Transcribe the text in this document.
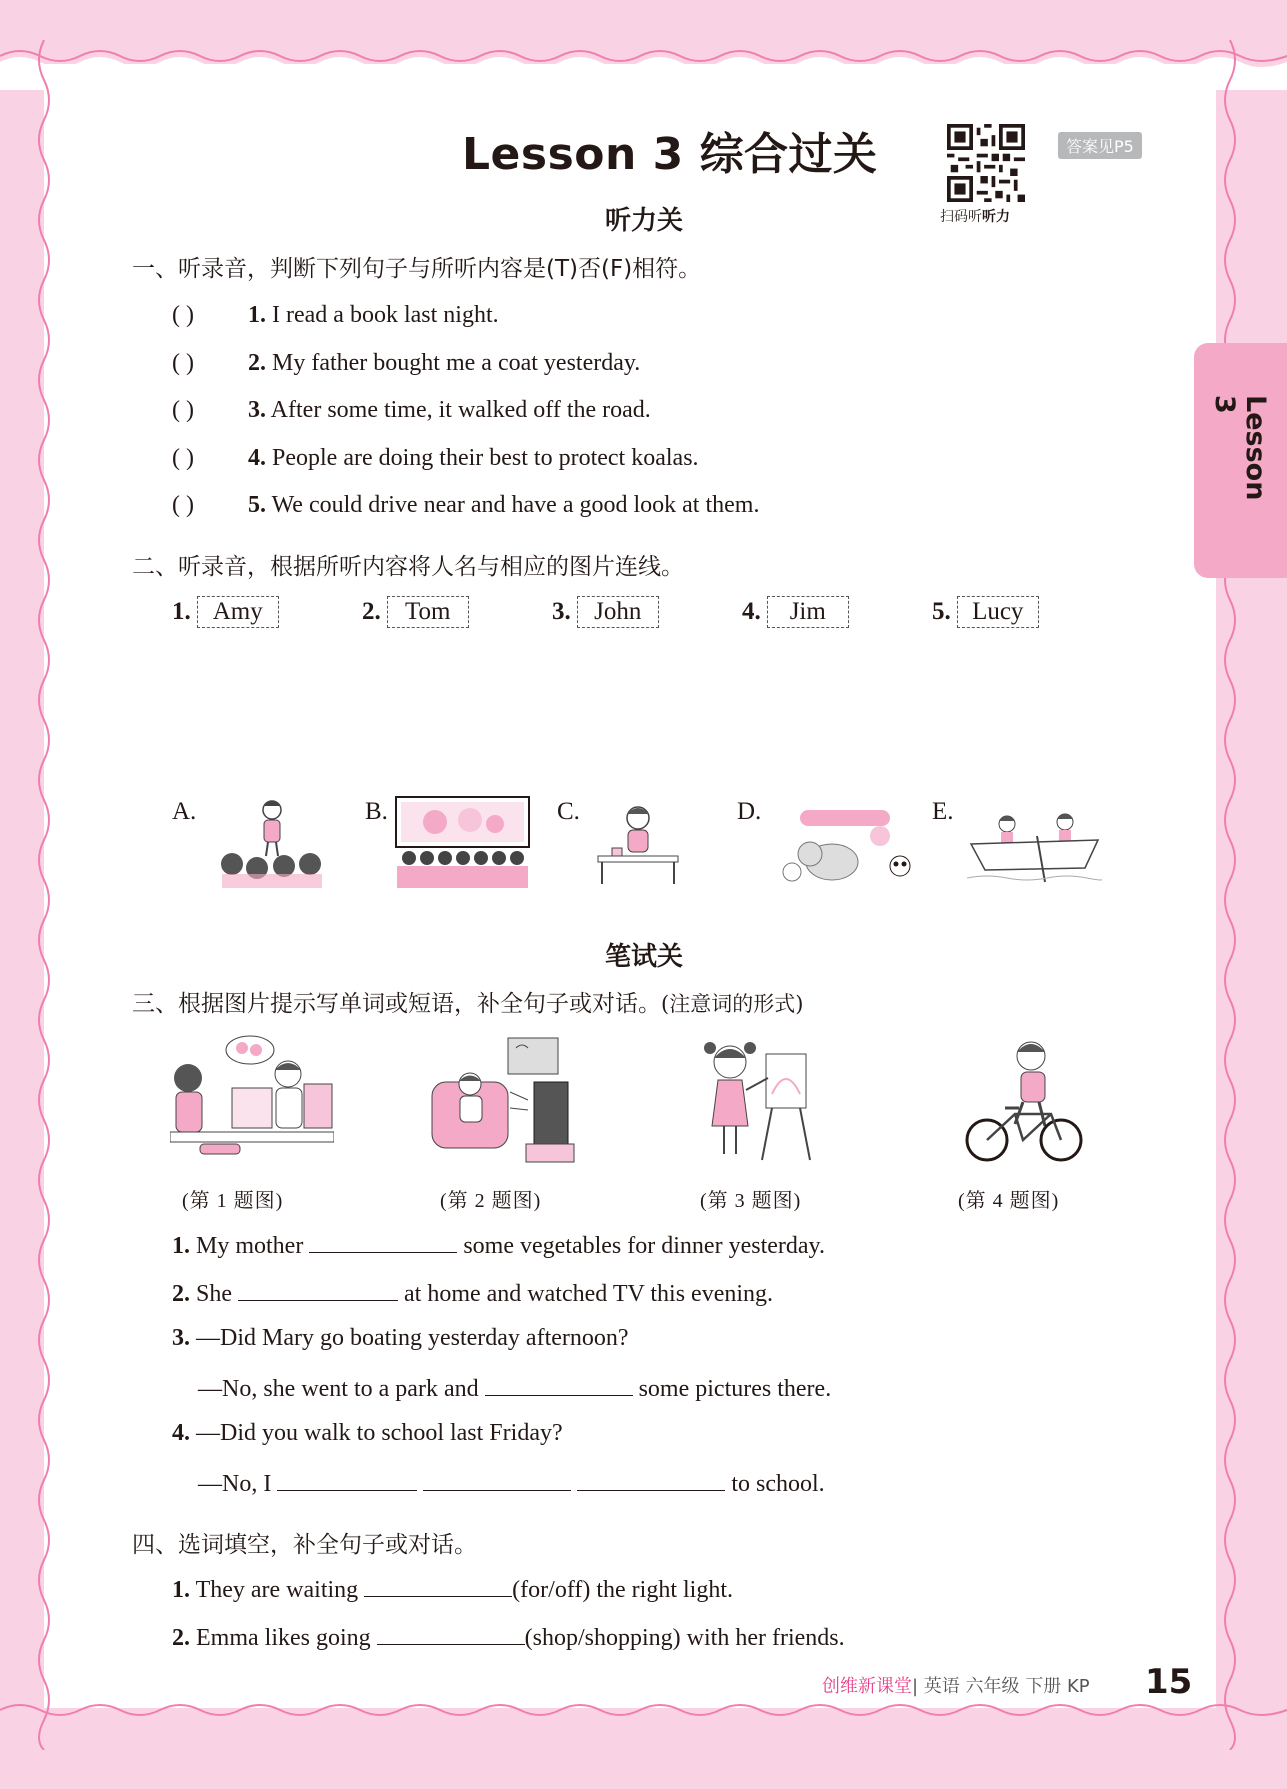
Lesson 3
Lesson 3 综合过关
扫码听听力
答案见P5
听力关
一、听录音，判断下列句子与所听内容是(T)否(F)相符。
( ) 1. I read a book last night.
( ) 2. My father bought me a coat yesterday.
( ) 3. After some time, it walked off the road.
( ) 4. People are doing their best to protect koalas.
( ) 5. We could drive near and have a good look at them.
二、听录音，根据所听内容将人名与相应的图片连线。
1. Amy	2. Tom	3. John	4. Jim	5. Lucy
A.	B.	C.	D.	E.
笔试关
三、根据图片提示写单词或短语，补全句子或对话。(注意词的形式)
(第 1 题图)	(第 2 题图)	(第 3 题图)	(第 4 题图)
1. My mother	some vegetables for dinner yesterday.
2. She	at home and watched TV this evening.
3. —Did Mary go boating yesterday afternoon?
—No, she went to a park and	some pictures there.
4. —Did you walk to school last Friday?
—No, I	to school.
四、选词填空，补全句子或对话。
1. They are waiting	(for/off) the right light.
2. Emma likes going	(shop/shopping) with her friends.
创维新课堂| 英语 六年级 下册 KP 15
